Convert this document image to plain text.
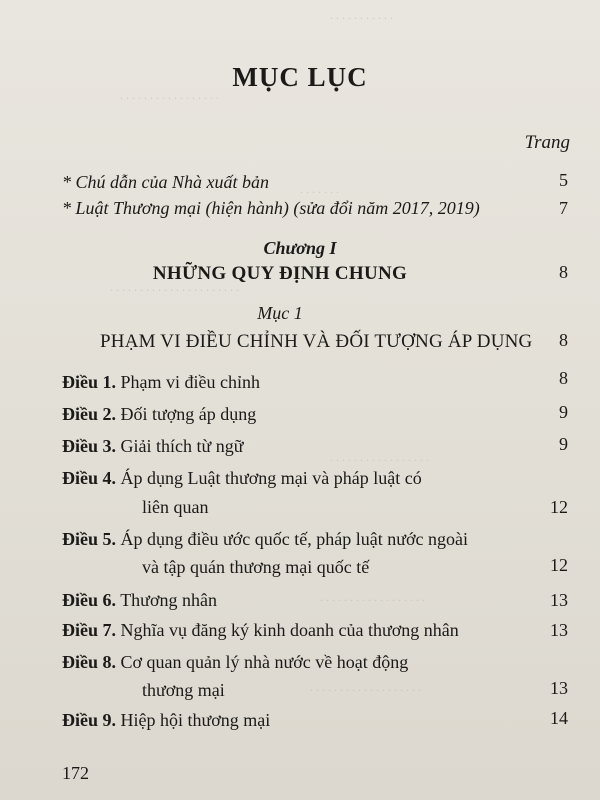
. . . . . . . . . . .
. . . . . . . . . . . . . . . . .
. . . . . . .
. . . . . . . . . . . . . . . . . . . . . .
. . . . . . . . . . . . . . . . .
. . . . . . . . . . . . . . . . . .
. . . . . . . . . . . . . . . . . . .
MỤC LỤC
Trang
* Chú dẫn của Nhà xuất bản	5
* Luật Thương mại (hiện hành) (sửa đổi năm 2017, 2019)	7
Chương I
NHỮNG QUY ĐỊNH CHUNG	8
Mục 1
PHẠM VI ĐIỀU CHỈNH VÀ ĐỐI TƯỢNG ÁP DỤNG 8
Điều 1. Phạm vi điều chỉnh	8
Điều 2. Đối tượng áp dụng	9
Điều 3. Giải thích từ ngữ	9
Điều 4. Áp dụng Luật thương mại và pháp luật có
liên quan	12
Điều 5. Áp dụng điều ước quốc tế, pháp luật nước ngoài
và tập quán thương mại quốc tế	12
Điều 6. Thương nhân	13
Điều 7. Nghĩa vụ đăng ký kinh doanh của thương nhân	13
Điều 8. Cơ quan quản lý nhà nước về hoạt động
thương mại	13
Điều 9. Hiệp hội thương mại	14
172
